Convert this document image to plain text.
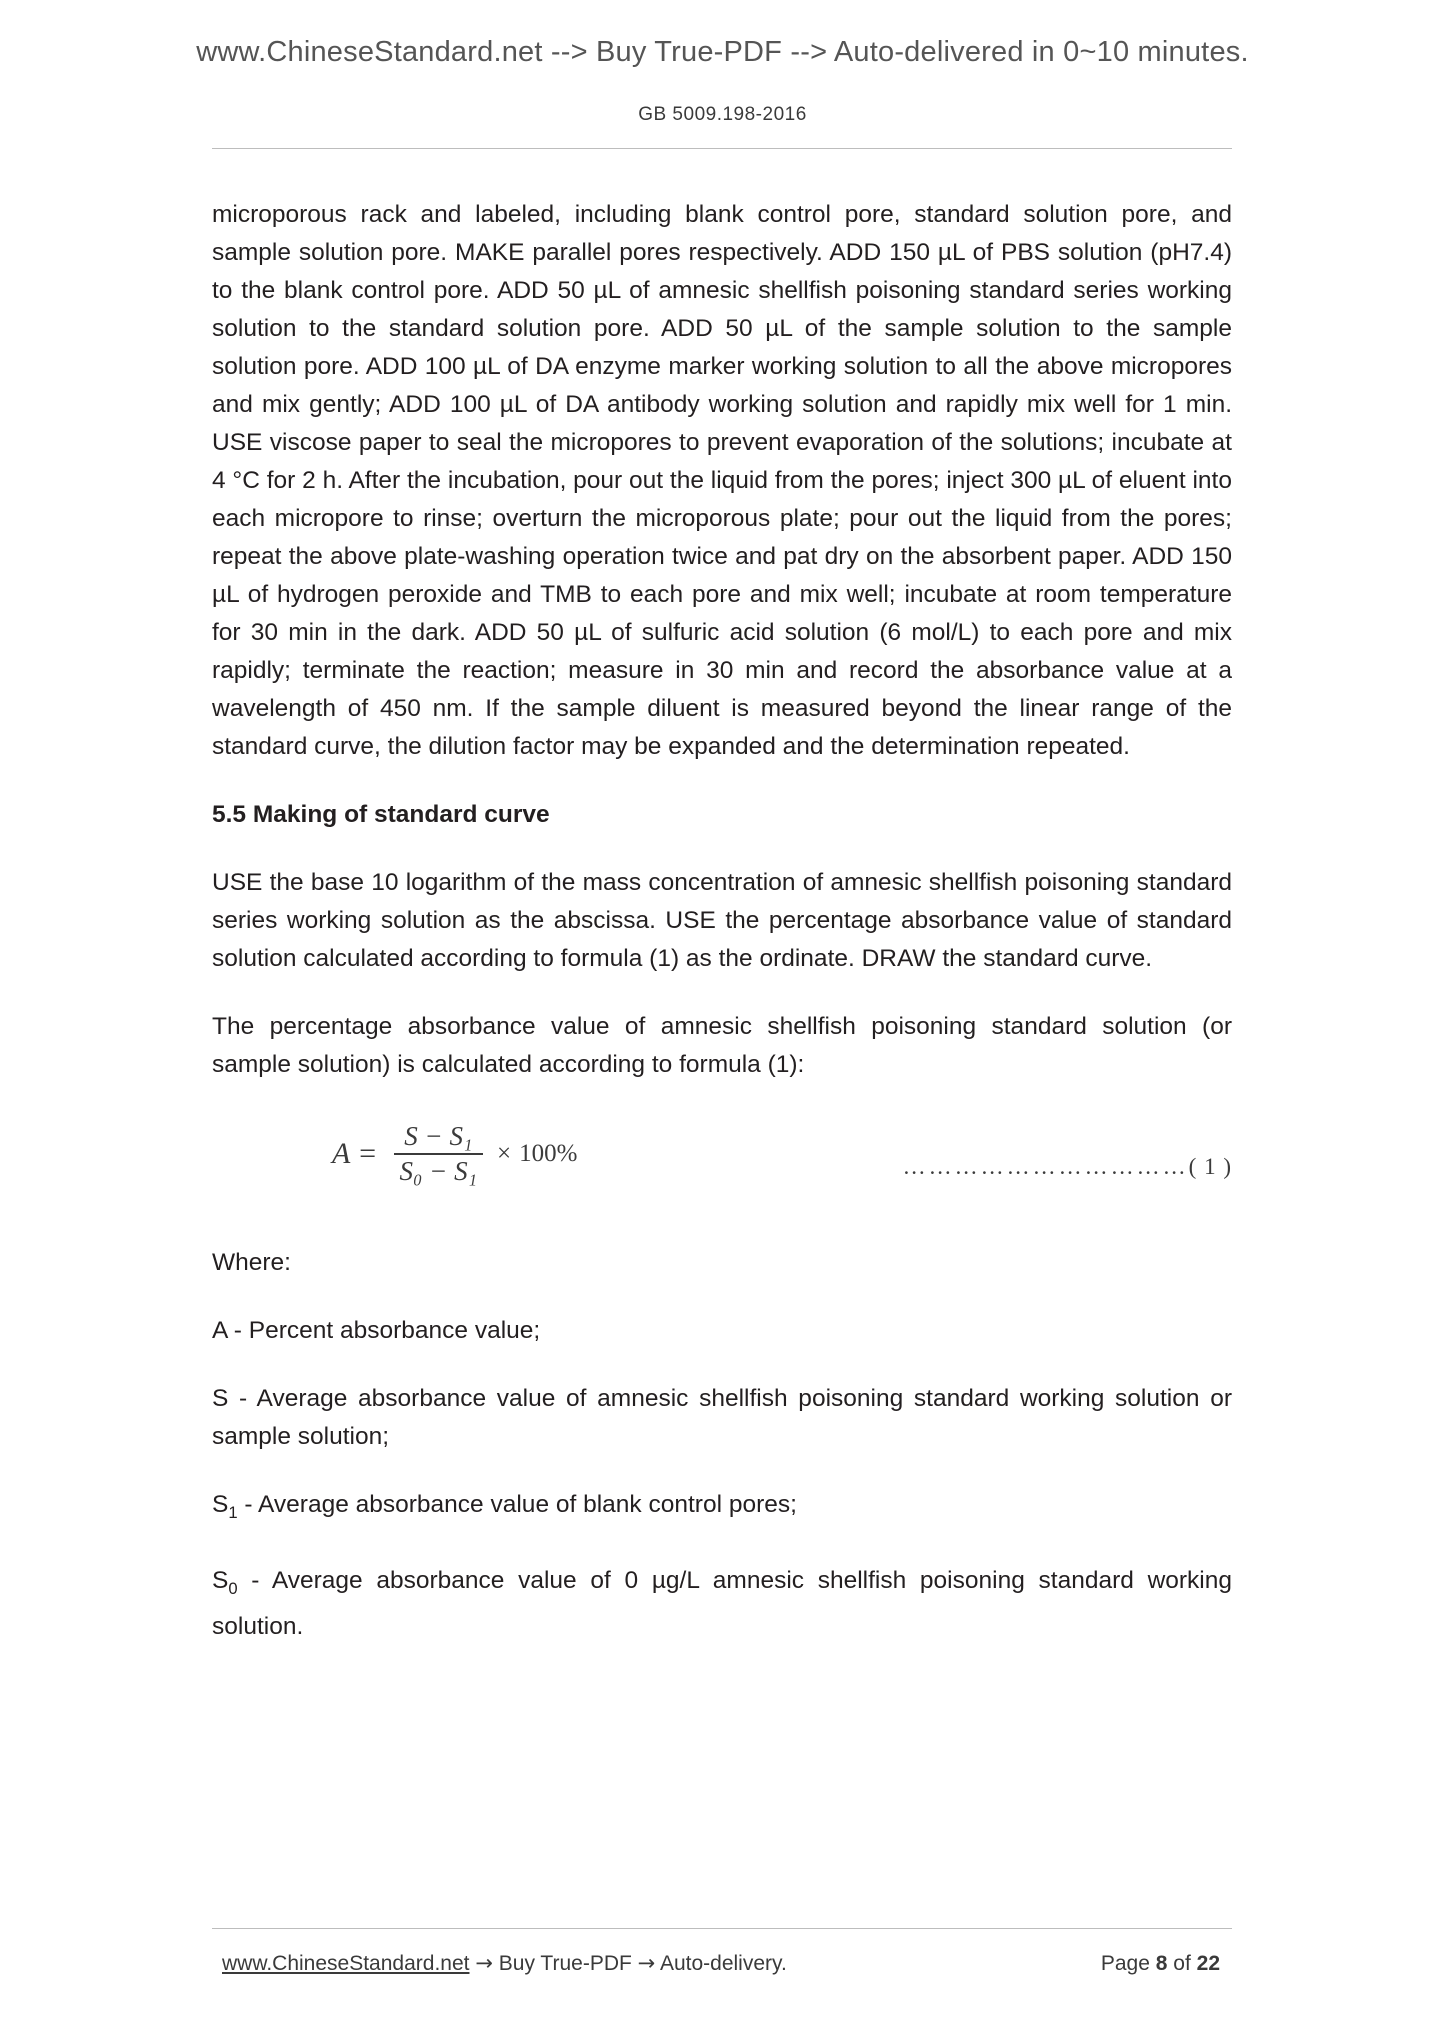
www.ChineseStandard.net --> Buy True-PDF --> Auto-delivered in 0~10 minutes.
GB 5009.198-2016

microporous rack and labeled, including blank control pore, standard solution pore, and sample solution pore. MAKE parallel pores respectively. ADD 150 µL of PBS solution (pH7.4) to the blank control pore. ADD 50 µL of amnesic shellfish poisoning standard series working solution to the standard solution pore. ADD 50 µL of the sample solution to the sample solution pore. ADD 100 µL of DA enzyme marker working solution to all the above micropores and mix gently; ADD 100 µL of DA antibody working solution and rapidly mix well for 1 min. USE viscose paper to seal the micropores to prevent evaporation of the solutions; incubate at 4 °C for 2 h. After the incubation, pour out the liquid from the pores; inject 300 µL of eluent into each micropore to rinse; overturn the microporous plate; pour out the liquid from the pores; repeat the above plate-washing operation twice and pat dry on the absorbent paper. ADD 150 µL of hydrogen peroxide and TMB to each pore and mix well; incubate at room temperature for 30 min in the dark. ADD 50 µL of sulfuric acid solution (6 mol/L) to each pore and mix rapidly; terminate the reaction; measure in 30 min and record the absorbance value at a wavelength of 450 nm. If the sample diluent is measured beyond the linear range of the standard curve, the dilution factor may be expanded and the determination repeated.

5.5 Making of standard curve

USE the base 10 logarithm of the mass concentration of amnesic shellfish poisoning standard series working solution as the abscissa. USE the percentage absorbance value of standard solution calculated according to formula (1) as the ordinate. DRAW the standard curve.

The percentage absorbance value of amnesic shellfish poisoning standard solution (or sample solution) is calculated according to formula (1):

$A = \frac{\text{S − S₁}}{\text{S₀ − S₁}} \times 100\%$	……………………………( 1 )

Where:

A - Percent absorbance value;

S - Average absorbance value of amnesic shellfish poisoning standard working solution or sample solution;

$S_1$ - Average absorbance value of blank control pores;

$S_0$ - Average absorbance value of 0 µg/L amnesic shellfish poisoning standard working solution.

www.ChineseStandard.net → Buy True-PDF → Auto-delivery.	Page 8 of 22
